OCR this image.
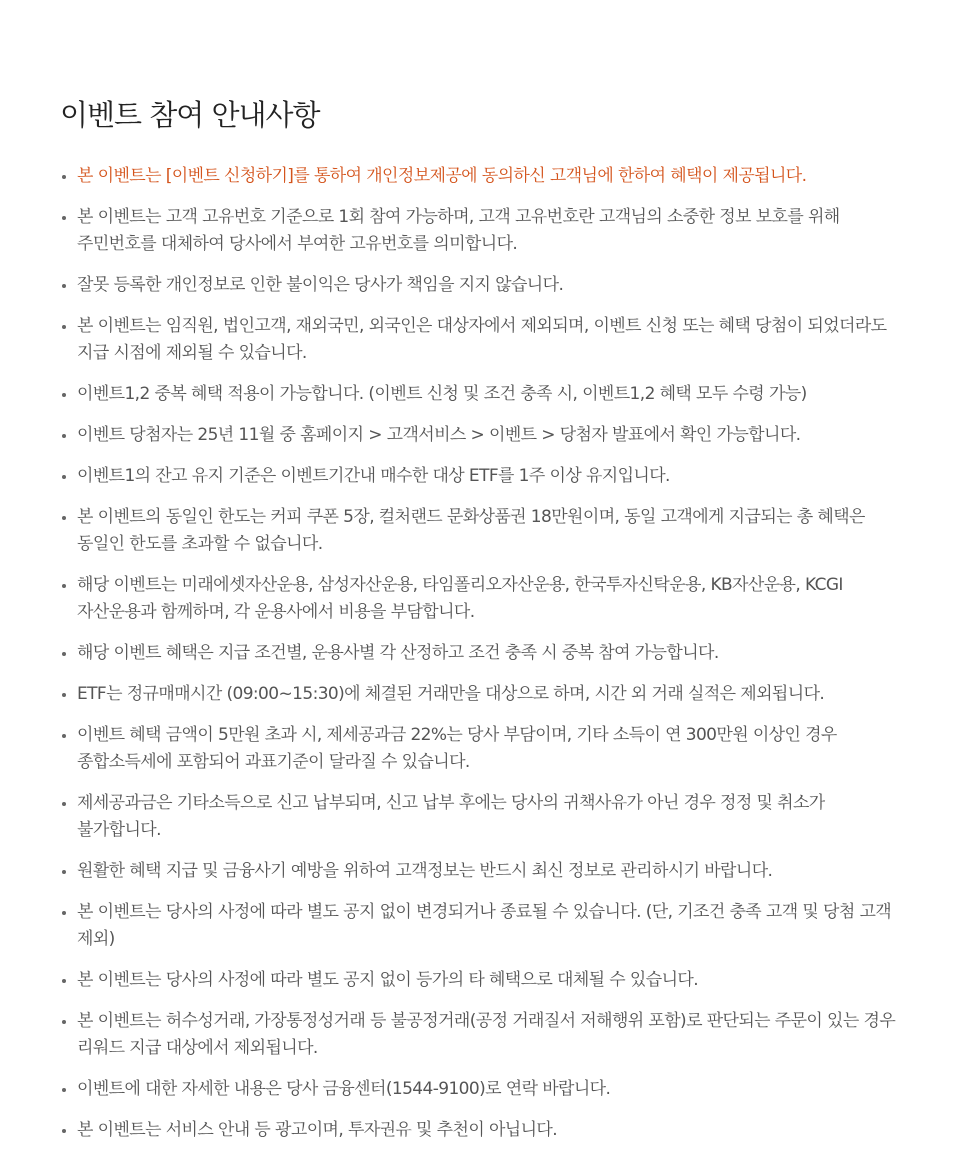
이벤트 참여 안내사항
본 이벤트는 [이벤트 신청하기]를 통하여 개인정보제공에 동의하신 고객님에 한하여 혜택이 제공됩니다.
본 이벤트는 고객 고유번호 기준으로 1회 참여 가능하며, 고객 고유번호란 고객님의 소중한 정보 보호를 위해 주민번호를 대체하여 당사에서 부여한 고유번호를 의미합니다.
잘못 등록한 개인정보로 인한 불이익은 당사가 책임을 지지 않습니다.
본 이벤트는 임직원, 법인고객, 재외국민, 외국인은 대상자에서 제외되며, 이벤트 신청 또는 혜택 당첨이 되었더라도 지급 시점에 제외될 수 있습니다.
이벤트1,2 중복 혜택 적용이 가능합니다. (이벤트 신청 및 조건 충족 시, 이벤트1,2 혜택 모두 수령 가능)
이벤트 당첨자는 25년 11월 중 홈페이지 > 고객서비스 > 이벤트 > 당첨자 발표에서 확인 가능합니다.
이벤트1의 잔고 유지 기준은 이벤트기간내 매수한 대상 ETF를 1주 이상 유지입니다.
본 이벤트의 동일인 한도는 커피 쿠폰 5장, 컬처랜드 문화상품권 18만원이며, 동일 고객에게 지급되는 총 혜택은 동일인 한도를 초과할 수 없습니다.
해당 이벤트는 미래에셋자산운용, 삼성자산운용, 타임폴리오자산운용, 한국투자신탁운용, KB자산운용, KCGI 자산운용과 함께하며, 각 운용사에서 비용을 부담합니다.
해당 이벤트 혜택은 지급 조건별, 운용사별 각 산정하고 조건 충족 시 중복 참여 가능합니다.
ETF는 정규매매시간 (09:00~15:30)에 체결된 거래만을 대상으로 하며, 시간 외 거래 실적은 제외됩니다.
이벤트 혜택 금액이 5만원 초과 시, 제세공과금 22%는 당사 부담이며, 기타 소득이 연 300만원 이상인 경우 종합소득세에 포함되어 과표기준이 달라질 수 있습니다.
제세공과금은 기타소득으로 신고 납부되며, 신고 납부 후에는 당사의 귀책사유가 아닌 경우 정정 및 취소가 불가합니다.
원활한 혜택 지급 및 금융사기 예방을 위하여 고객정보는 반드시 최신 정보로 관리하시기 바랍니다.
본 이벤트는 당사의 사정에 따라 별도 공지 없이 변경되거나 종료될 수 있습니다. (단, 기조건 충족 고객 및 당첨 고객 제외)
본 이벤트는 당사의 사정에 따라 별도 공지 없이 등가의 타 혜택으로 대체될 수 있습니다.
본 이벤트는 허수성거래, 가장통정성거래 등 불공정거래(공정 거래질서 저해행위 포함)로 판단되는 주문이 있는 경우 리워드 지급 대상에서 제외됩니다.
이벤트에 대한 자세한 내용은 당사 금융센터(1544-9100)로 연락 바랍니다.
본 이벤트는 서비스 안내 등 광고이며, 투자권유 및 추천이 아닙니다.
